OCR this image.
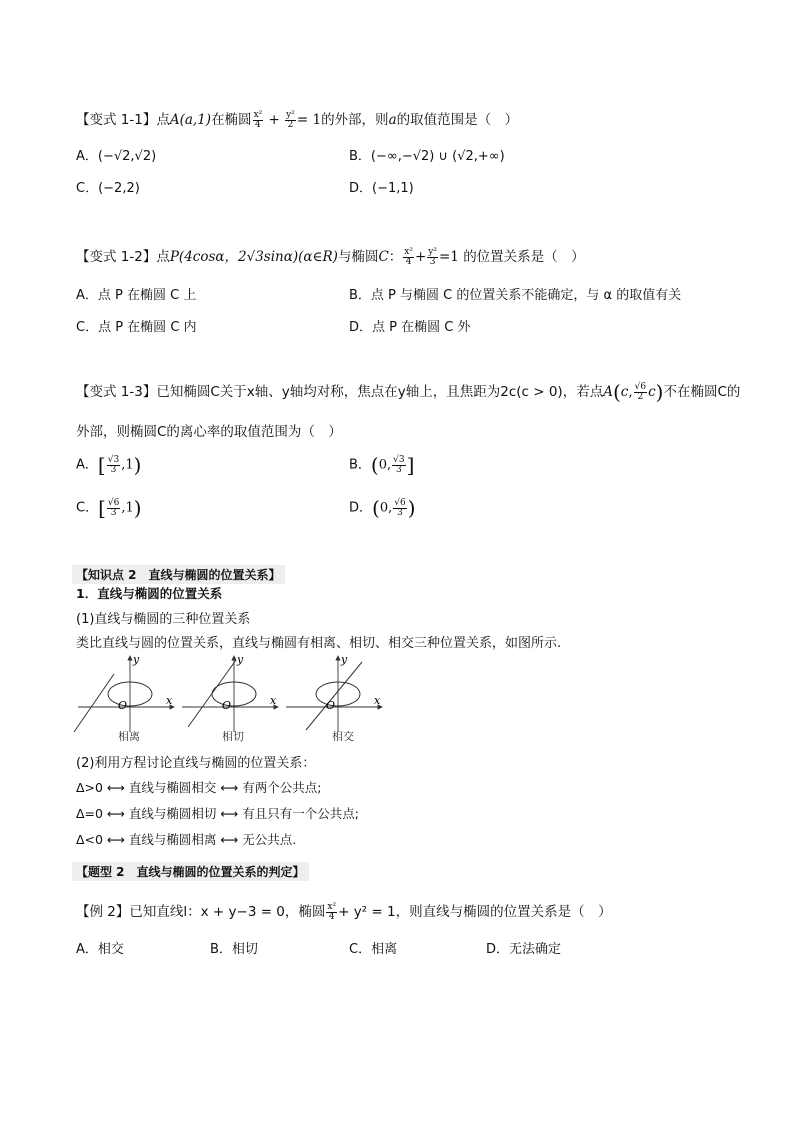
【变式 1-1】点A(a,1)在椭圆 $\frac{\text{x²}}{4} + \frac{\text{y²}}{2} = 1$的外部，则a的取值范围是（　）
A．(−√2,√2)	B．(−∞,−√2) ∪ (√2,+∞)
C．(−2,2)	D．(−1,1)
【变式 1-2】点P(4cosα，2√3sinα)(α∈R)与椭圆C： $\frac{\text{x²}}{4} + \frac{\text{y²}}{3} =1$ 的位置关系是（　）
A．点 P 在椭圆 C 上	B．点 P 与椭圆 C 的位置关系不能确定，与 α 的取值有关
C．点 P 在椭圆 C 内	D．点 P 在椭圆 C 外
【变式 1-3】已知椭圆C关于x轴、y轴均对称，焦点在y轴上，且焦距为2c(c > 0)，若点A(c, $\frac{√6}{2} c$)不在椭圆C的
外部，则椭圆C的离心率的取值范围为（　）
A．[ $\frac{√3}{3} ,1$)	B．(0, $\frac{√3}{3}$ ]
C．[ $\frac{√6}{3} ,1$)	D．(0, $\frac{√6}{3}$ )
【知识点 2　直线与椭圆的位置关系】
1．直线与椭圆的位置关系
(1)直线与椭圆的三种位置关系
类比直线与圆的位置关系，直线与椭圆有相离、相切、相交三种位置关系，如图所示.
y
x
O
相离
y
x
O
相切
y
x
O
相交
(2)利用方程讨论直线与椭圆的位置关系：
Δ>0 ⟷ 直线与椭圆相交 ⟷ 有两个公共点;
Δ=0 ⟷ 直线与椭圆相切 ⟷ 有且只有一个公共点;
Δ<0 ⟷ 直线与椭圆相离 ⟷ 无公共点.
【题型 2　直线与椭圆的位置关系的判定】
【例 2】已知直线l：x + y−3 = 0，椭圆 $\frac{\text{x²}}{4} + y^2 = 1$，则直线与椭圆的位置关系是（　）
A．相交	B．相切	C．相离	D．无法确定
